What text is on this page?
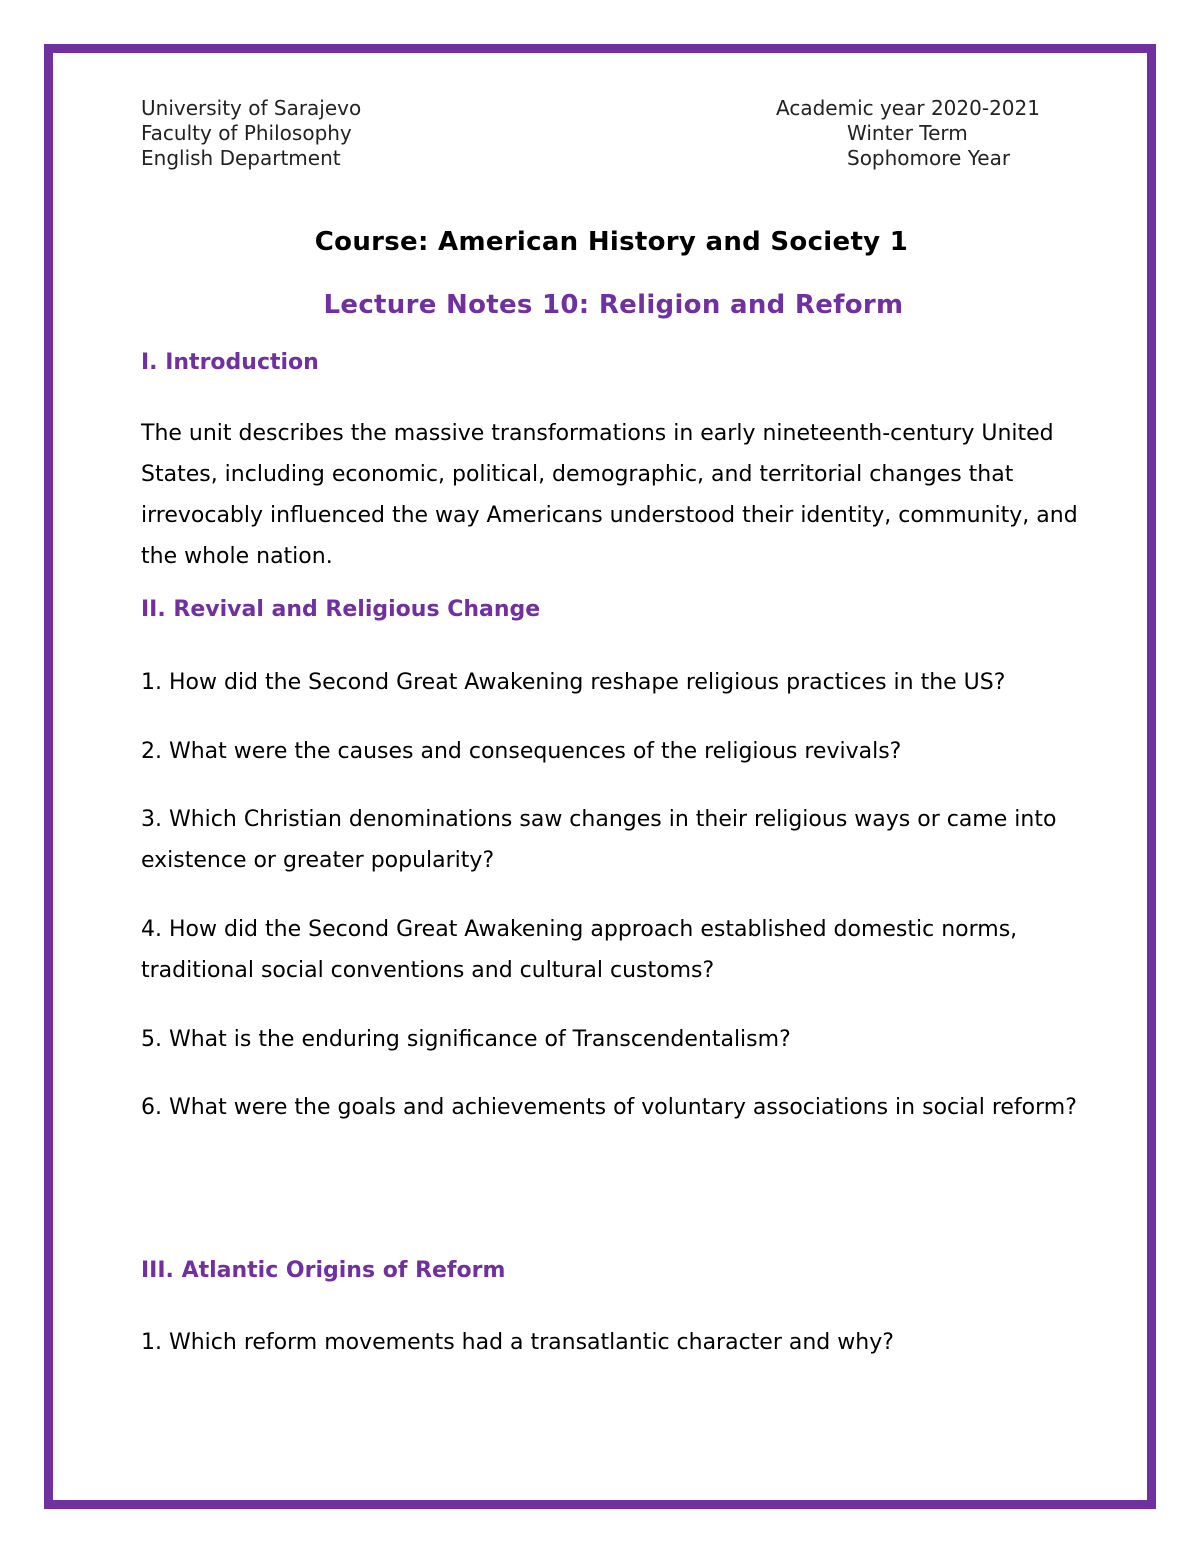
University of Sarajevo
Faculty of Philosophy
English Department
Academic year 2020-2021
Winter Term
Sophomore Year
Course: American History and Society 1
Lecture Notes 10: Religion and Reform
I. Introduction
The unit describes the massive transformations in early nineteenth-century United States, including economic, political, demographic, and territorial changes that irrevocably influenced the way Americans understood their identity, community, and the whole nation.
II. Revival and Religious Change
1. How did the Second Great Awakening reshape religious practices in the US?
2. What were the causes and consequences of the religious revivals?
3. Which Christian denominations saw changes in their religious ways or came into existence or greater popularity?
4. How did the Second Great Awakening approach established domestic norms, traditional social conventions and cultural customs?
5. What is the enduring significance of Transcendentalism?
6. What were the goals and achievements of voluntary associations in social reform?
III. Atlantic Origins of Reform
1. Which reform movements had a transatlantic character and why?
